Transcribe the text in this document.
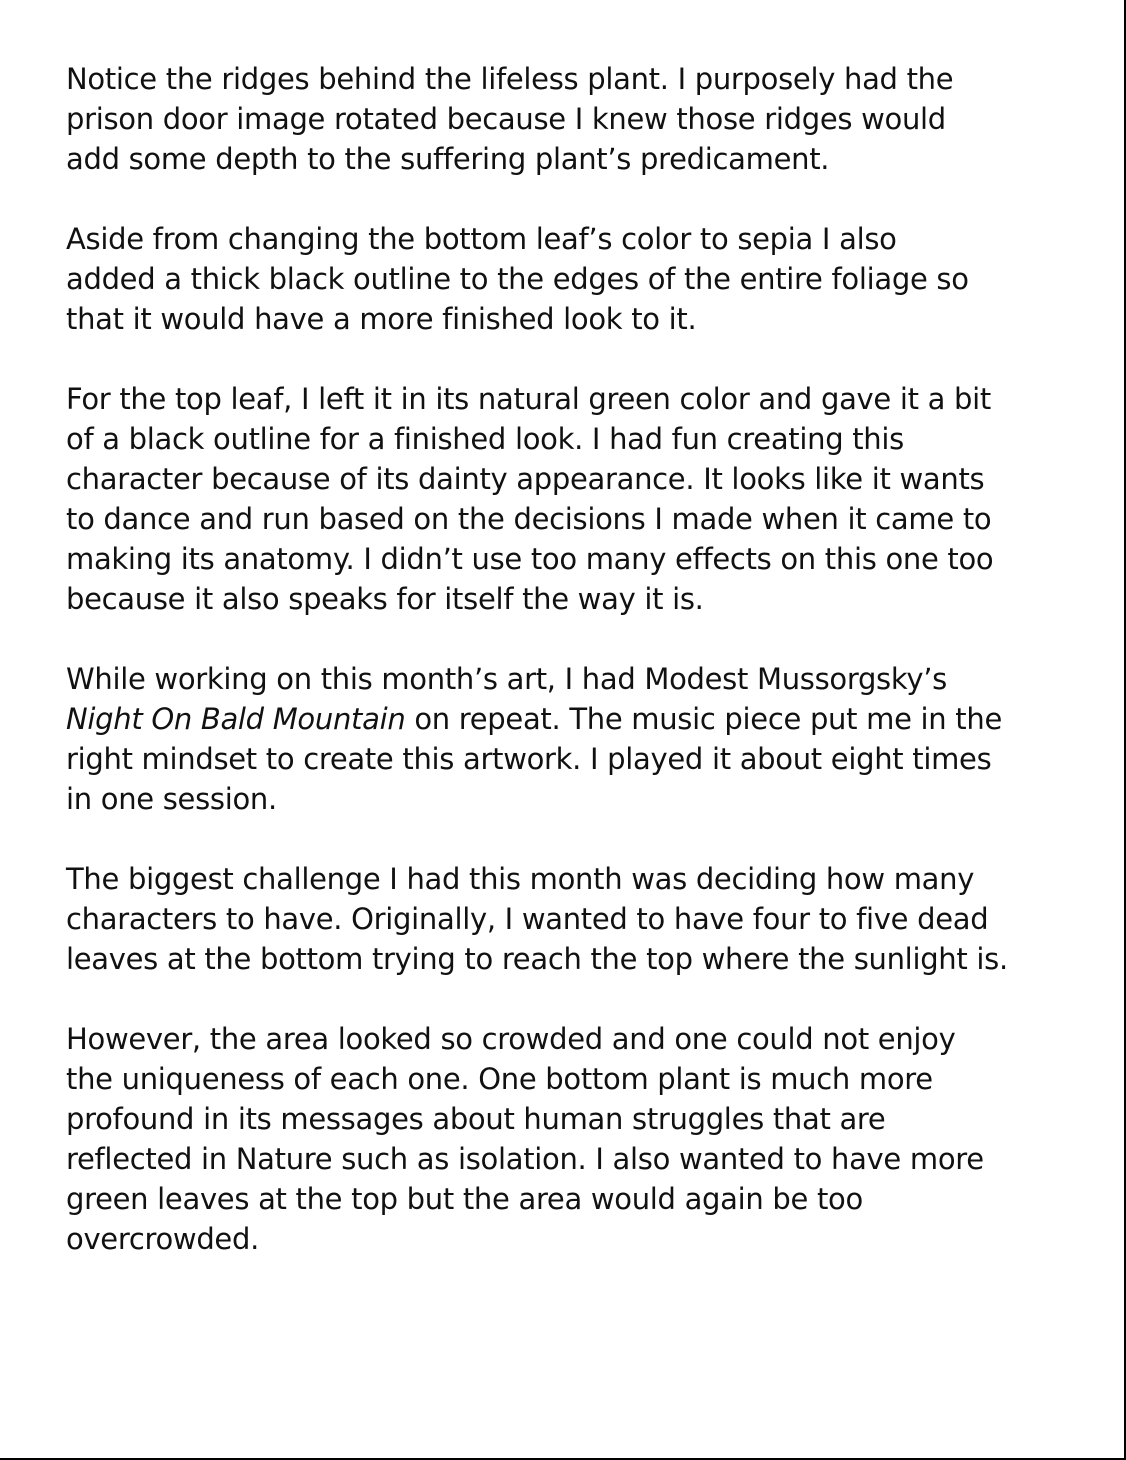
Notice the ridges behind the lifeless plant. I purposely had the
prison door image rotated because I knew those ridges would
add some depth to the suffering plant’s predicament.

Aside from changing the bottom leaf’s color to sepia I also
added a thick black outline to the edges of the entire foliage so
that it would have a more finished look to it.

For the top leaf, I left it in its natural green color and gave it a bit
of a black outline for a finished look. I had fun creating this
character because of its dainty appearance. It looks like it wants
to dance and run based on the decisions I made when it came to
making its anatomy. I didn’t use too many effects on this one too
because it also speaks for itself the way it is.

While working on this month’s art, I had Modest Mussorgsky’s
Night On Bald Mountain on repeat. The music piece put me in the
right mindset to create this artwork. I played it about eight times
in one session.

The biggest challenge I had this month was deciding how many
characters to have. Originally, I wanted to have four to five dead
leaves at the bottom trying to reach the top where the sunlight is.

However, the area looked so crowded and one could not enjoy
the uniqueness of each one. One bottom plant is much more
profound in its messages about human struggles that are
reflected in Nature such as isolation. I also wanted to have more
green leaves at the top but the area would again be too
overcrowded.
